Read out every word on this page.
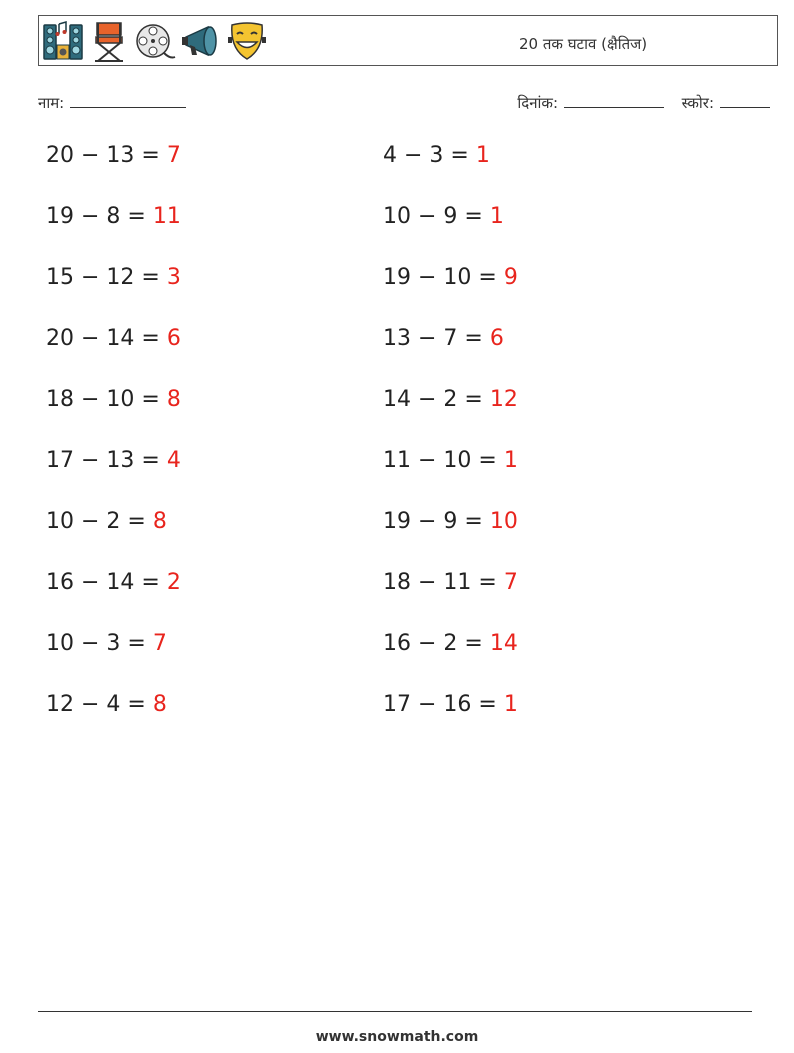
20 तक घटाव (क्षैतिज)
नाम:	दिनांक:	स्कोर:
20 − 13 = 7
19 − 8 = 11
15 − 12 = 3
20 − 14 = 6
18 − 10 = 8
17 − 13 = 4
10 − 2 = 8
16 − 14 = 2
10 − 3 = 7
12 − 4 = 8
4 − 3 = 1
10 − 9 = 1
19 − 10 = 9
13 − 7 = 6
14 − 2 = 12
11 − 10 = 1
19 − 9 = 10
18 − 11 = 7
16 − 2 = 14
17 − 16 = 1
www.snowmath.com
